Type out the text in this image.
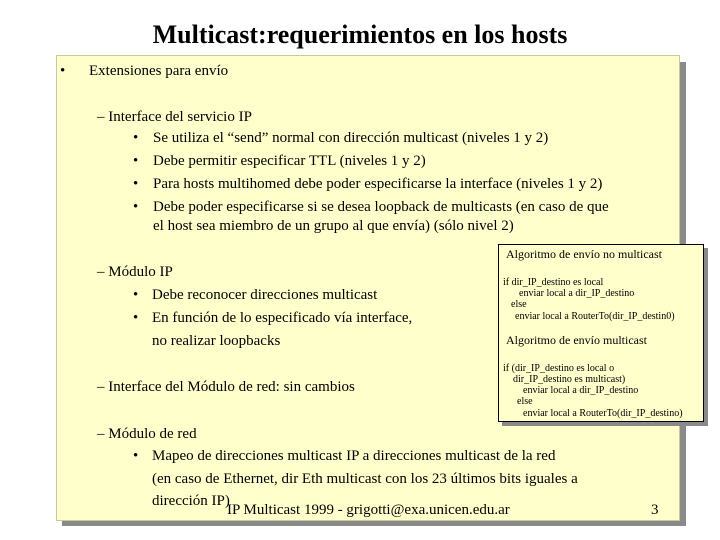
Multicast:requerimientos en los hosts
• Extensiones para envío
– Interface del servicio IP
• Se utiliza el “send” normal con dirección multicast (niveles 1 y 2)
• Debe permitir especificar TTL (niveles 1 y 2)
• Para hosts multihomed debe poder especificarse la interface (niveles 1 y 2)
• Debe poder especificarse si se desea loopback de multicasts (en caso de que
el host sea miembro de un grupo al que envía) (sólo nivel 2)
– Módulo IP
• Debe reconocer direcciones multicast
• En función de lo especificado vía interface,
no realizar loopbacks
– Interface del Módulo de red: sin cambios
– Módulo de red
• Mapeo de direcciones multicast IP a direcciones multicast de la red
(en caso de Ethernet, dir Eth multicast con los 23 últimos bits iguales a
dirección IP)
Algoritmo de envío no multicast
if dir_IP_destino es local
enviar local a dir_IP_destino
else
enviar local a RouterTo(dir_IP_destin0)
Algoritmo de envío multicast
if (dir_IP_destino es local o
dir_IP_destino es multicast)
enviar local a dir_IP_destino
else
enviar local a RouterTo(dir_IP_destino)
IP Multicast 1999 - grigotti@exa.unicen.edu.ar	3
